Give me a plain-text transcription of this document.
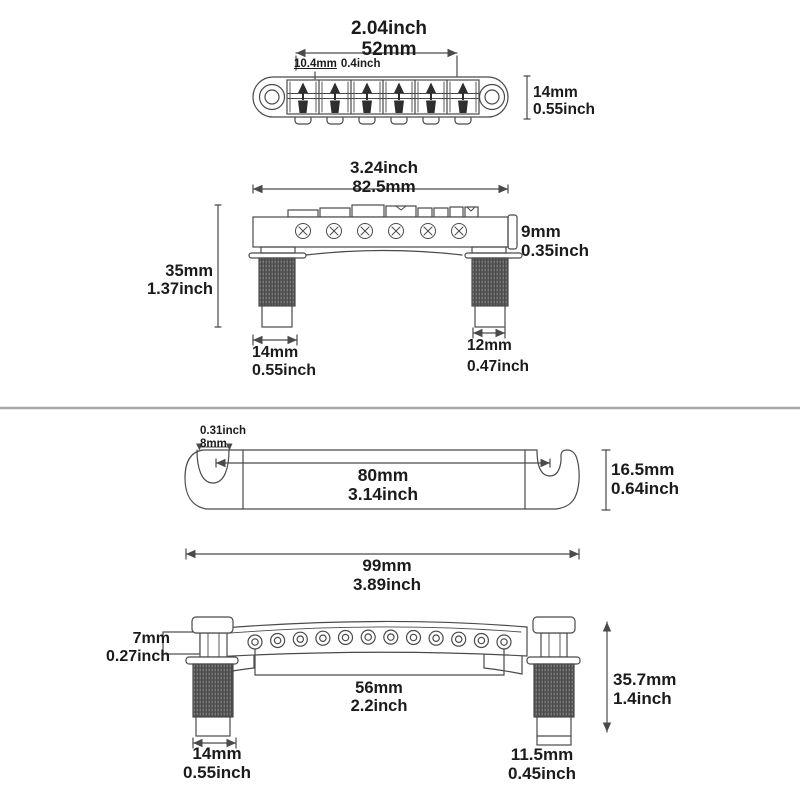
2.04inch
52mm
10.4mm 0.4inch
14mm
0.55inch
3.24inch
82.5mm
9mm
0.35inch
35mm
1.37inch
14mm
0.55inch
12mm
0.47inch
0.31inch
8mm
80mm
3.14inch
16.5mm
0.64inch
99mm
3.89inch
7mm
0.27inch
56mm
2.2inch
35.7mm
1.4inch
14mm
0.55inch
11.5mm
0.45inch
